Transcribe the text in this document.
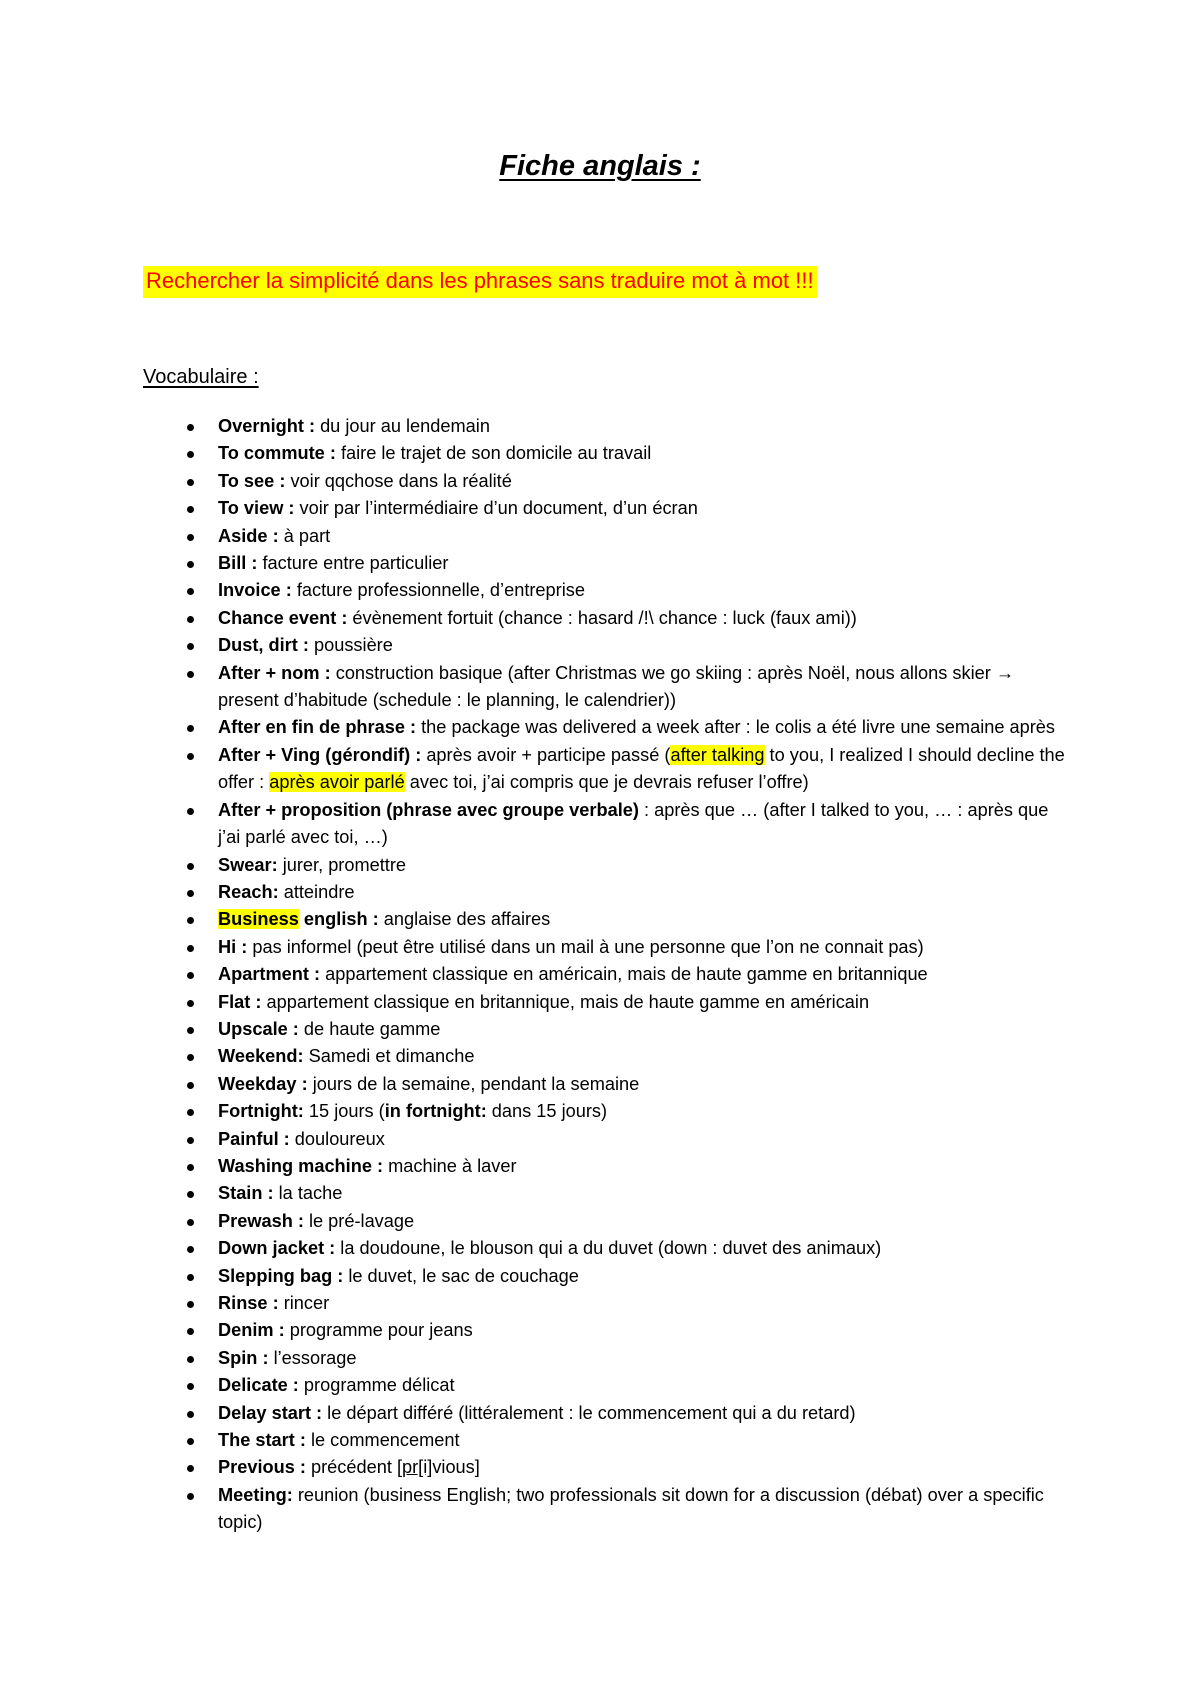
Fiche anglais :
Rechercher la simplicité dans les phrases sans traduire mot à mot !!!
Vocabulaire :
Overnight : du jour au lendemain
To commute : faire le trajet de son domicile au travail
To see : voir qqchose dans la réalité
To view : voir par l’intermédiaire d’un document, d’un écran
Aside : à part
Bill : facture entre particulier
Invoice : facture professionnelle, d’entreprise
Chance event : évènement fortuit (chance : hasard /!\ chance : luck (faux ami))
Dust, dirt : poussière
After + nom : construction basique (after Christmas we go skiing : après Noël, nous allons skier → present d’habitude (schedule : le planning, le calendrier))
After en fin de phrase : the package was delivered a week after : le colis a été livre une semaine après
After + Ving (gérondif) : après avoir + participe passé (after talking to you, I realized I should decline the offer : après avoir parlé avec toi, j’ai compris que je devrais refuser l’offre)
After + proposition (phrase avec groupe verbale) : après que … (after I talked to you, … : après que j’ai parlé avec toi, …)
Swear: jurer, promettre
Reach: atteindre
Business english : anglaise des affaires
Hi : pas informel (peut être utilisé dans un mail à une personne que l’on ne connait pas)
Apartment : appartement classique en américain, mais de haute gamme en britannique
Flat : appartement classique en britannique, mais de haute gamme en américain
Upscale : de haute gamme
Weekend: Samedi et dimanche
Weekday : jours de la semaine, pendant la semaine
Fortnight: 15 jours (in fortnight: dans 15 jours)
Painful : douloureux
Washing machine : machine à laver
Stain : la tache
Prewash : le pré-lavage
Down jacket : la doudoune, le blouson qui a du duvet (down : duvet des animaux)
Slepping bag : le duvet, le sac de couchage
Rinse : rincer
Denim : programme pour jeans
Spin : l’essorage
Delicate : programme délicat
Delay start : le départ différé (littéralement : le commencement qui a du retard)
The start : le commencement
Previous : précédent [pr[i]vious]
Meeting: reunion (business English; two professionals sit down for a discussion (débat) over a specific topic)
